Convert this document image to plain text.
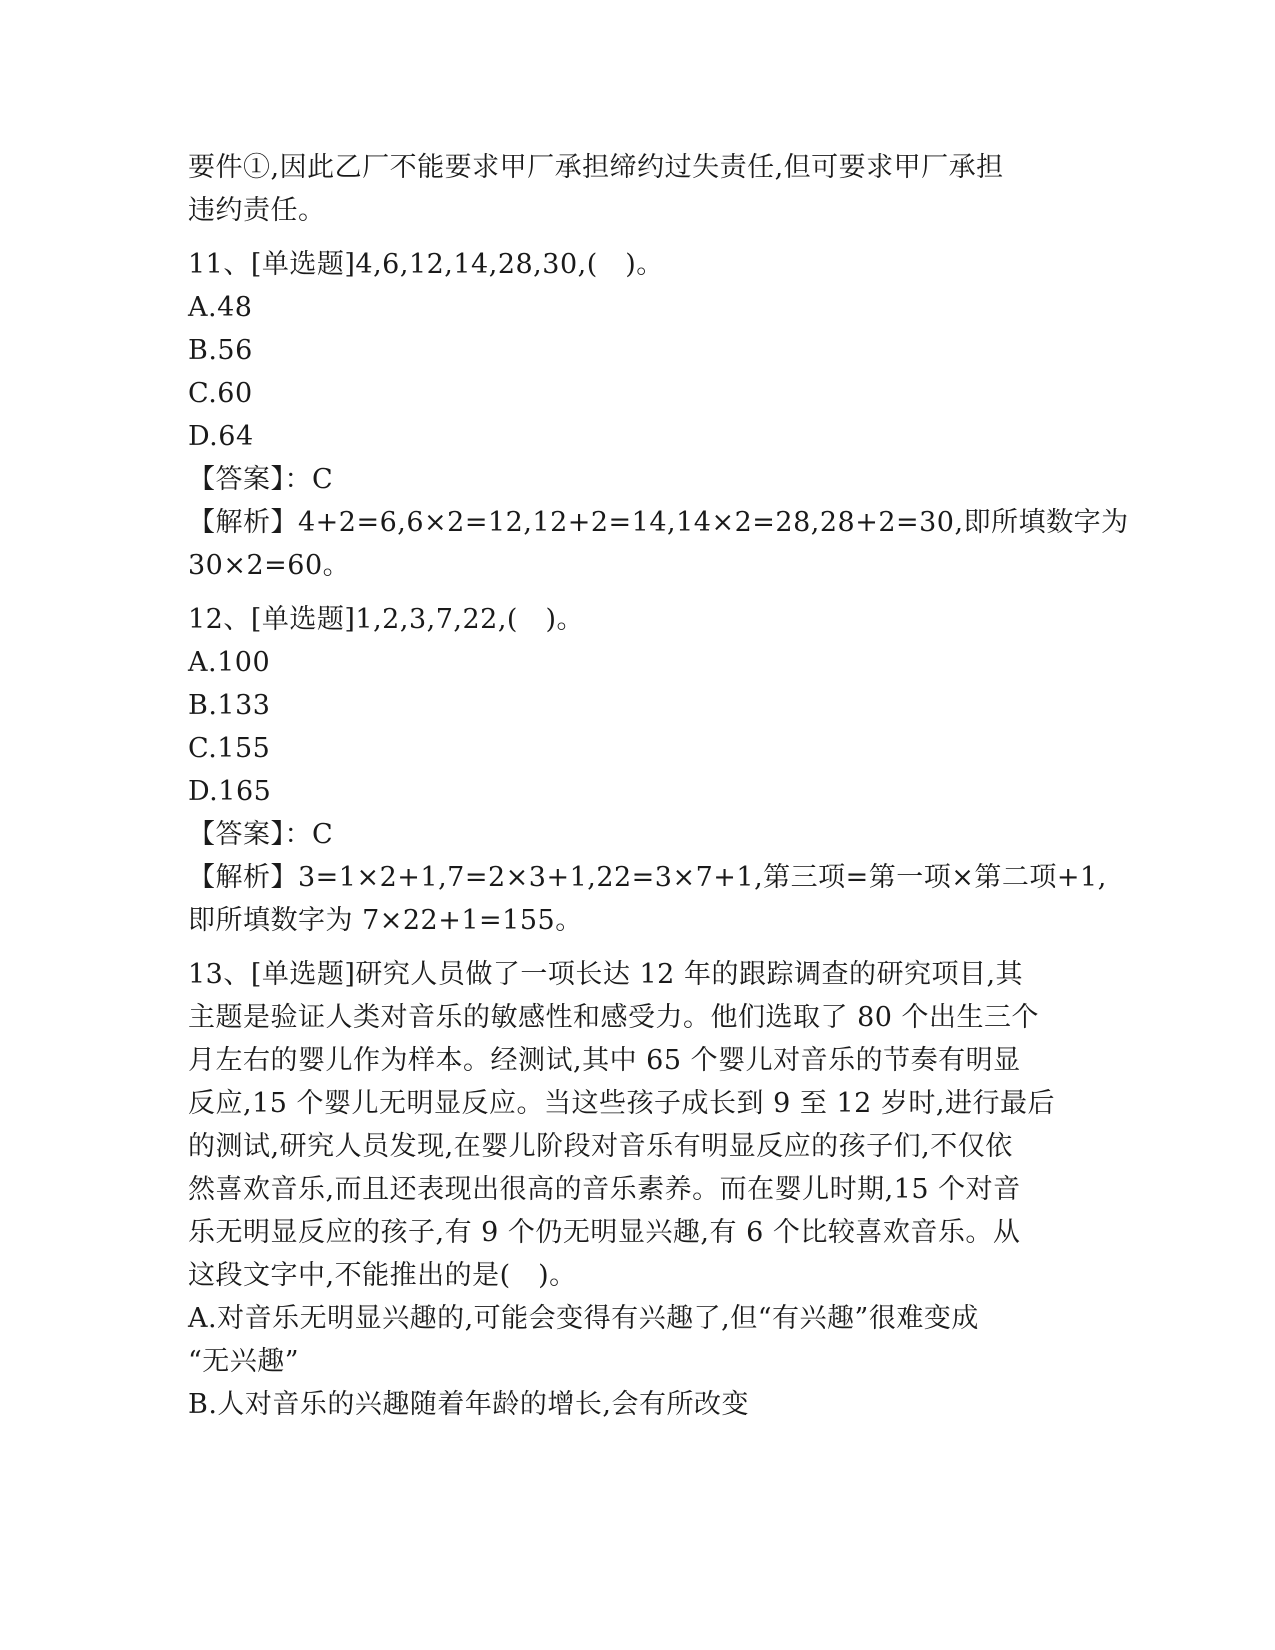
要件①,因此乙厂不能要求甲厂承担缔约过失责任,但可要求甲厂承担
违约责任。
11、[单选题]4,6,12,14,28,30,(　)。
A.48
B.56
C.60
D.64
【答案】：C
【解析】4+2=6,6×2=12,12+2=14,14×2=28,28+2=30,即所填数字为
30×2=60。
12、[单选题]1,2,3,7,22,(　)。
A.100
B.133
C.155
D.165
【答案】：C
【解析】3=1×2+1,7=2×3+1,22=3×7+1,第三项=第一项×第二项+1,
即所填数字为 7×22+1=155。
13、[单选题]研究人员做了一项长达 12 年的跟踪调查的研究项目,其
主题是验证人类对音乐的敏感性和感受力。他们选取了 80 个出生三个
月左右的婴儿作为样本。经测试,其中 65 个婴儿对音乐的节奏有明显
反应,15 个婴儿无明显反应。当这些孩子成长到 9 至 12 岁时,进行最后
的测试,研究人员发现,在婴儿阶段对音乐有明显反应的孩子们,不仅依
然喜欢音乐,而且还表现出很高的音乐素养。而在婴儿时期,15 个对音
乐无明显反应的孩子,有 9 个仍无明显兴趣,有 6 个比较喜欢音乐。从
这段文字中,不能推出的是(　)。
A.对音乐无明显兴趣的,可能会变得有兴趣了,但“有兴趣”很难变成
“无兴趣”
B.人对音乐的兴趣随着年龄的增长,会有所改变
